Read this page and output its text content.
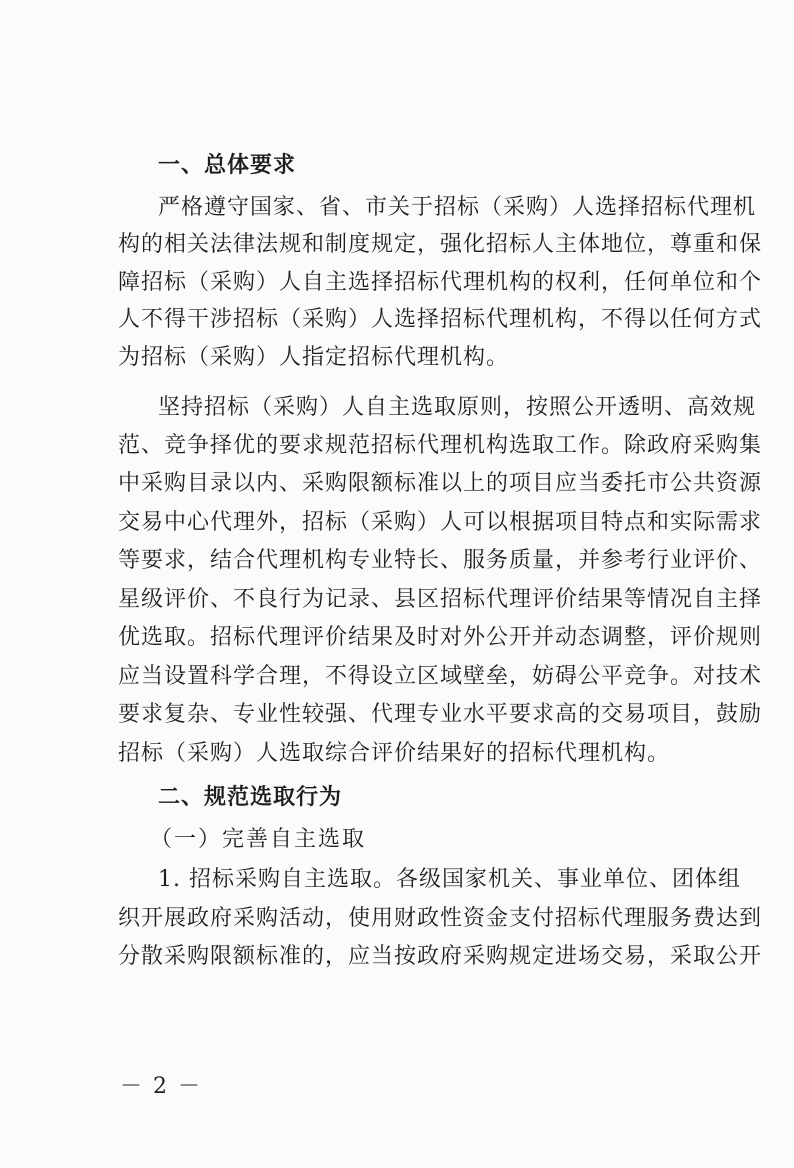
一、总体要求
严格遵守国家、省、市关于招标（采购）人选择招标代理机
构的相关法律法规和制度规定，强化招标人主体地位，尊重和保
障招标（采购）人自主选择招标代理机构的权利，任何单位和个
人不得干涉招标（采购）人选择招标代理机构，不得以任何方式
为招标（采购）人指定招标代理机构。
坚持招标（采购）人自主选取原则，按照公开透明、高效规
范、竞争择优的要求规范招标代理机构选取工作。除政府采购集
中采购目录以内、采购限额标准以上的项目应当委托市公共资源
交易中心代理外，招标（采购）人可以根据项目特点和实际需求
等要求，结合代理机构专业特长、服务质量，并参考行业评价、
星级评价、不良行为记录、县区招标代理评价结果等情况自主择
优选取。招标代理评价结果及时对外公开并动态调整，评价规则
应当设置科学合理，不得设立区域壁垒，妨碍公平竞争。对技术
要求复杂、专业性较强、代理专业水平要求高的交易项目，鼓励
招标（采购）人选取综合评价结果好的招标代理机构。
二、规范选取行为
（一）完善自主选取
1. 招标采购自主选取。各级国家机关、事业单位、团体组
织开展政府采购活动，使用财政性资金支付招标代理服务费达到
分散采购限额标准的，应当按政府采购规定进场交易，采取公开
－ 2 －
